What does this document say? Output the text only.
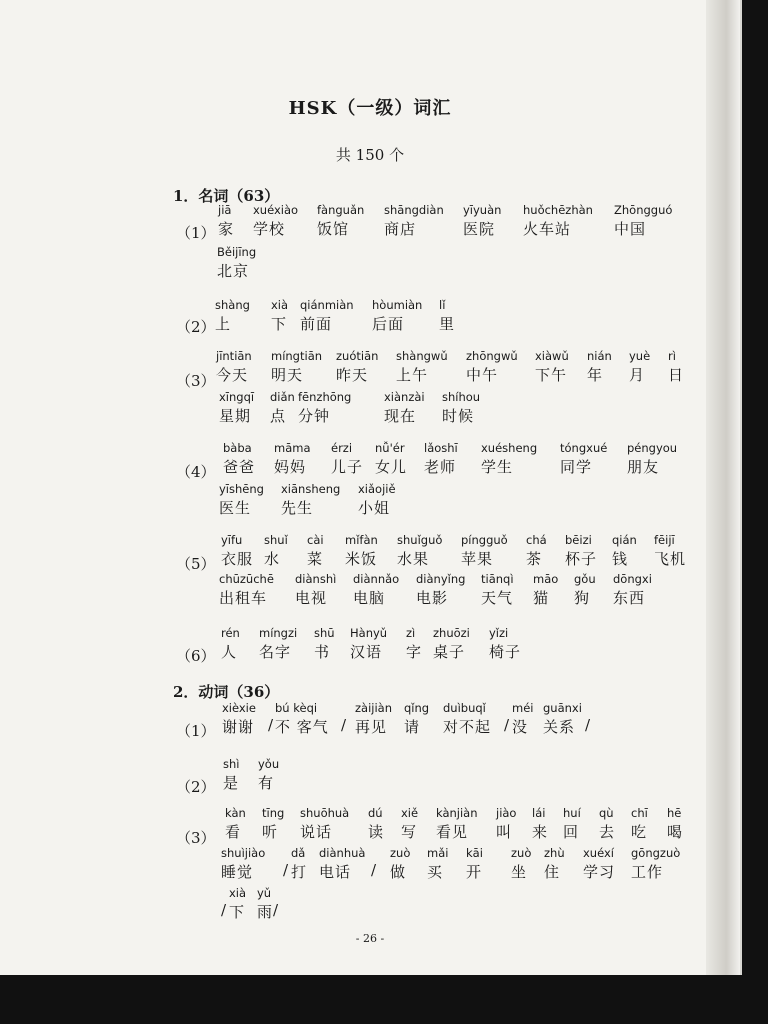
HSK（一级）词汇
共 150 个
1．名词（63）
2．动词（36）
（1）
jiā
家
xuéxiào
学校
fànguǎn
饭馆
shāngdiàn
商店
yīyuàn
医院
huǒchēzhàn
火车站
Zhōngguó
中国
Běijīng
北京
（2）
shàng
上
xià
下
qiánmiàn
前面
hòumiàn
后面
lǐ
里
（3）
jīntiān
今天
míngtiān
明天
zuótiān
昨天
shàngwǔ
上午
zhōngwǔ
中午
xiàwǔ
下午
nián
年
yuè
月
rì
日
xīngqī
星期
diǎn
点
fēnzhōng
分钟
xiànzài
现在
shíhou
时候
（4）
bàba
爸爸
māma
妈妈
érzi
儿子
nǚ'ér
女儿
lǎoshī
老师
xuésheng
学生
tóngxué
同学
péngyou
朋友
yīshēng
医生
xiānsheng
先生
xiǎojiě
小姐
（5）
yīfu
衣服
shuǐ
水
cài
菜
mǐfàn
米饭
shuǐguǒ
水果
píngguǒ
苹果
chá
茶
bēizi
杯子
qián
钱
fēijī
飞机
chūzūchē
出租车
diànshì
电视
diànnǎo
电脑
diànyǐng
电影
tiānqì
天气
māo
猫
gǒu
狗
dōngxi
东西
（6）
rén
人
míngzi
名字
shū
书
Hànyǔ
汉语
zì
字
zhuōzi
桌子
yǐzi
椅子
（1）
xièxie
谢谢 /
bú kèqi
不 客气 /
zàijiàn
再见
qǐng
请
duìbuqǐ
对不起 /
méi
没
guānxi
关系 /
（2）
shì
是
yǒu
有
（3）
kàn
看
tīng
听
shuōhuà
说话
dú
读
xiě
写
kànjiàn
看见
jiào
叫
lái
来
huí
回
qù
去
chī
吃
hē
喝
shuìjiào
睡觉 /
dǎ
打
diànhuà
电话 /
zuò
做
mǎi
买
kāi
开
zuò
坐
zhù
住
xuéxí
学习
gōngzuò
工作
/
xià
下
yǔ
雨 /
- 26 -
